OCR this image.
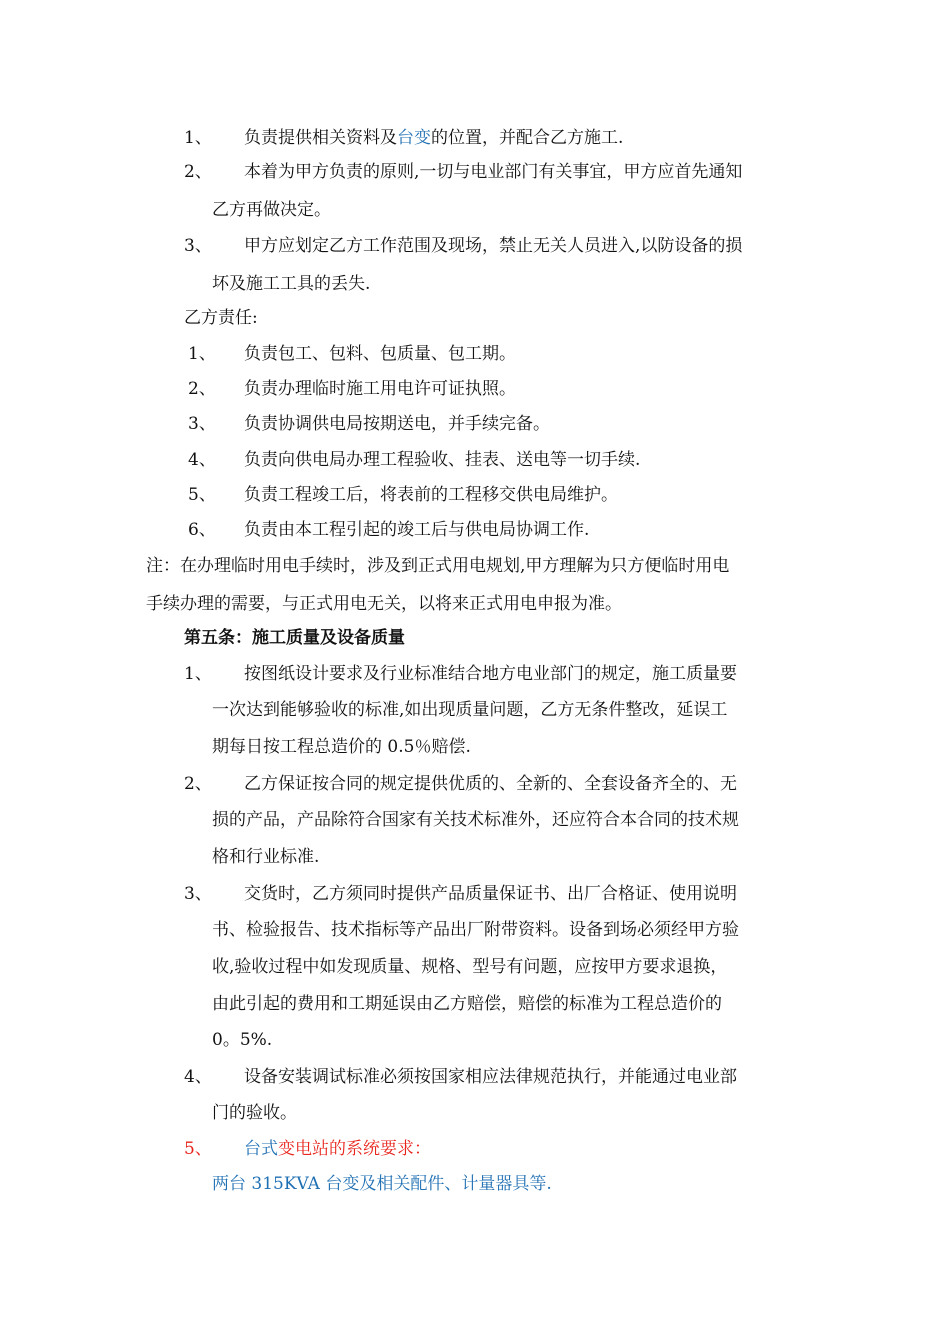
1、 负责提供相关资料及台变的位置，并配合乙方施工.
2、 本着为甲方负责的原则,一切与电业部门有关事宜，甲方应首先通知
乙方再做决定。
3、 甲方应划定乙方工作范围及现场，禁止无关人员进入,以防设备的损
坏及施工工具的丢失.
乙方责任:
1、 负责包工、包料、包质量、包工期。
2、 负责办理临时施工用电许可证执照。
3、 负责协调供电局按期送电，并手续完备。
4、 负责向供电局办理工程验收、挂表、送电等一切手续.
5、 负责工程竣工后，将表前的工程移交供电局维护。
6、 负责由本工程引起的竣工后与供电局协调工作.
注：在办理临时用电手续时，涉及到正式用电规划,甲方理解为只方便临时用电
手续办理的需要，与正式用电无关，以将来正式用电申报为准。
第五条：施工质量及设备质量
1、 按图纸设计要求及行业标准结合地方电业部门的规定，施工质量要
一次达到能够验收的标准,如出现质量问题，乙方无条件整改，延误工
期每日按工程总造价的 0.5％赔偿.
2、 乙方保证按合同的规定提供优质的、全新的、全套设备齐全的、无
损的产品，产品除符合国家有关技术标准外，还应符合本合同的技术规
格和行业标准.
3、 交货时，乙方须同时提供产品质量保证书、出厂合格证、使用说明
书、检验报告、技术指标等产品出厂附带资料。设备到场必须经甲方验
收,验收过程中如发现质量、规格、型号有问题，应按甲方要求退换，
由此引起的费用和工期延误由乙方赔偿，赔偿的标准为工程总造价的
0。5%.
4、 设备安装调试标准必须按国家相应法律规范执行，并能通过电业部
门的验收。
5、 台式变电站的系统要求：
两台 315KVA 台变及相关配件、计量器具等.
